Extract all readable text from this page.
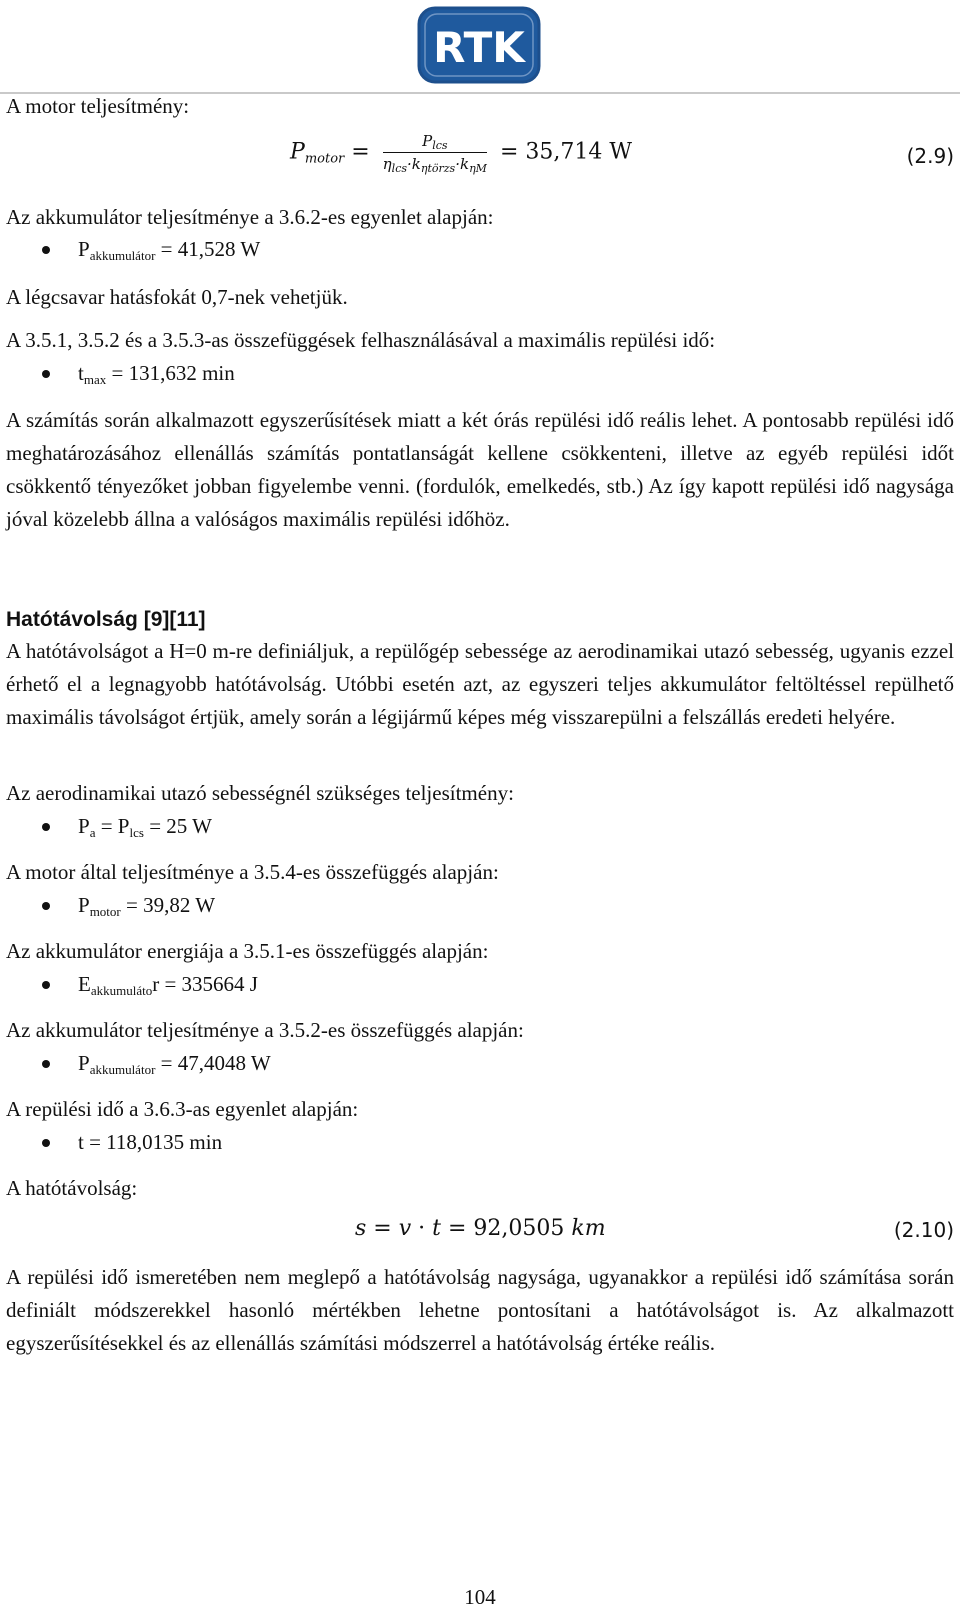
RTK
A motor teljesítmény:
$P_{motor} = \frac{P_{lcs}}{\eta_{lcs}\cdot k_{\eta törzs}\cdot k_{\eta M}} = 35,714$ W	(2.9)
Az akkumulátor teljesítménye a 3.6.2-es egyenlet alapján:
$P_{akkumulátor} = 41,528$ W
A légcsavar hatásfokát 0,7-nek vehetjük.
A 3.5.1, 3.5.2 és a 3.5.3-as összefüggések felhasználásával a maximális repülési idő:
$t_{max} = 131,632$ min
A számítás során alkalmazott egyszerűsítések miatt a két órás repülési idő reális lehet. A pontosabb repülési idő meghatározásához ellenállás számítás pontatlanságát kellene csökkenteni, illetve az egyéb repülési időt csökkentő tényezőket jobban figyelembe venni. (fordulók, emelkedés, stb.) Az így kapott repülési idő nagysága jóval közelebb állna a valóságos maximális repülési időhöz.
Hatótávolság [9][11]
A hatótávolságot a H=0 m-re definiáljuk, a repülőgép sebessége az aerodinamikai utazó sebesség, ugyanis ezzel érhető el a legnagyobb hatótávolság. Utóbbi esetén azt, az egyszeri teljes akkumulátor feltöltéssel repülhető maximális távolságot értjük, amely során a légijármű képes még visszarepülni a felszállás eredeti helyére.
Az aerodinamikai utazó sebességnél szükséges teljesítmény:
$P_a = P_{lcs} = 25$ W
A motor által teljesítménye a 3.5.4-es összefüggés alapján:
$P_{motor} = 39,82$ W
Az akkumulátor energiája a 3.5.1-es összefüggés alapján:
$E_{akkumuláto}r = 335664$ J
Az akkumulátor teljesítménye a 3.5.2-es összefüggés alapján:
$P_{akkumulátor} = 47,4048$ W
A repülési idő a 3.6.3-as egyenlet alapján:
t = 118,0135 min
A hatótávolság:
s = v · t = 92,0505 km	(2.10)
A repülési idő ismeretében nem meglepő a hatótávolság nagysága, ugyanakkor a repülési idő számítása során definiált módszerekkel hasonló mértékben lehetne pontosítani a hatótávolságot is. Az alkalmazott egyszerűsítésekkel és az ellenállás számítási módszerrel a hatótávolság értéke reális.
104
